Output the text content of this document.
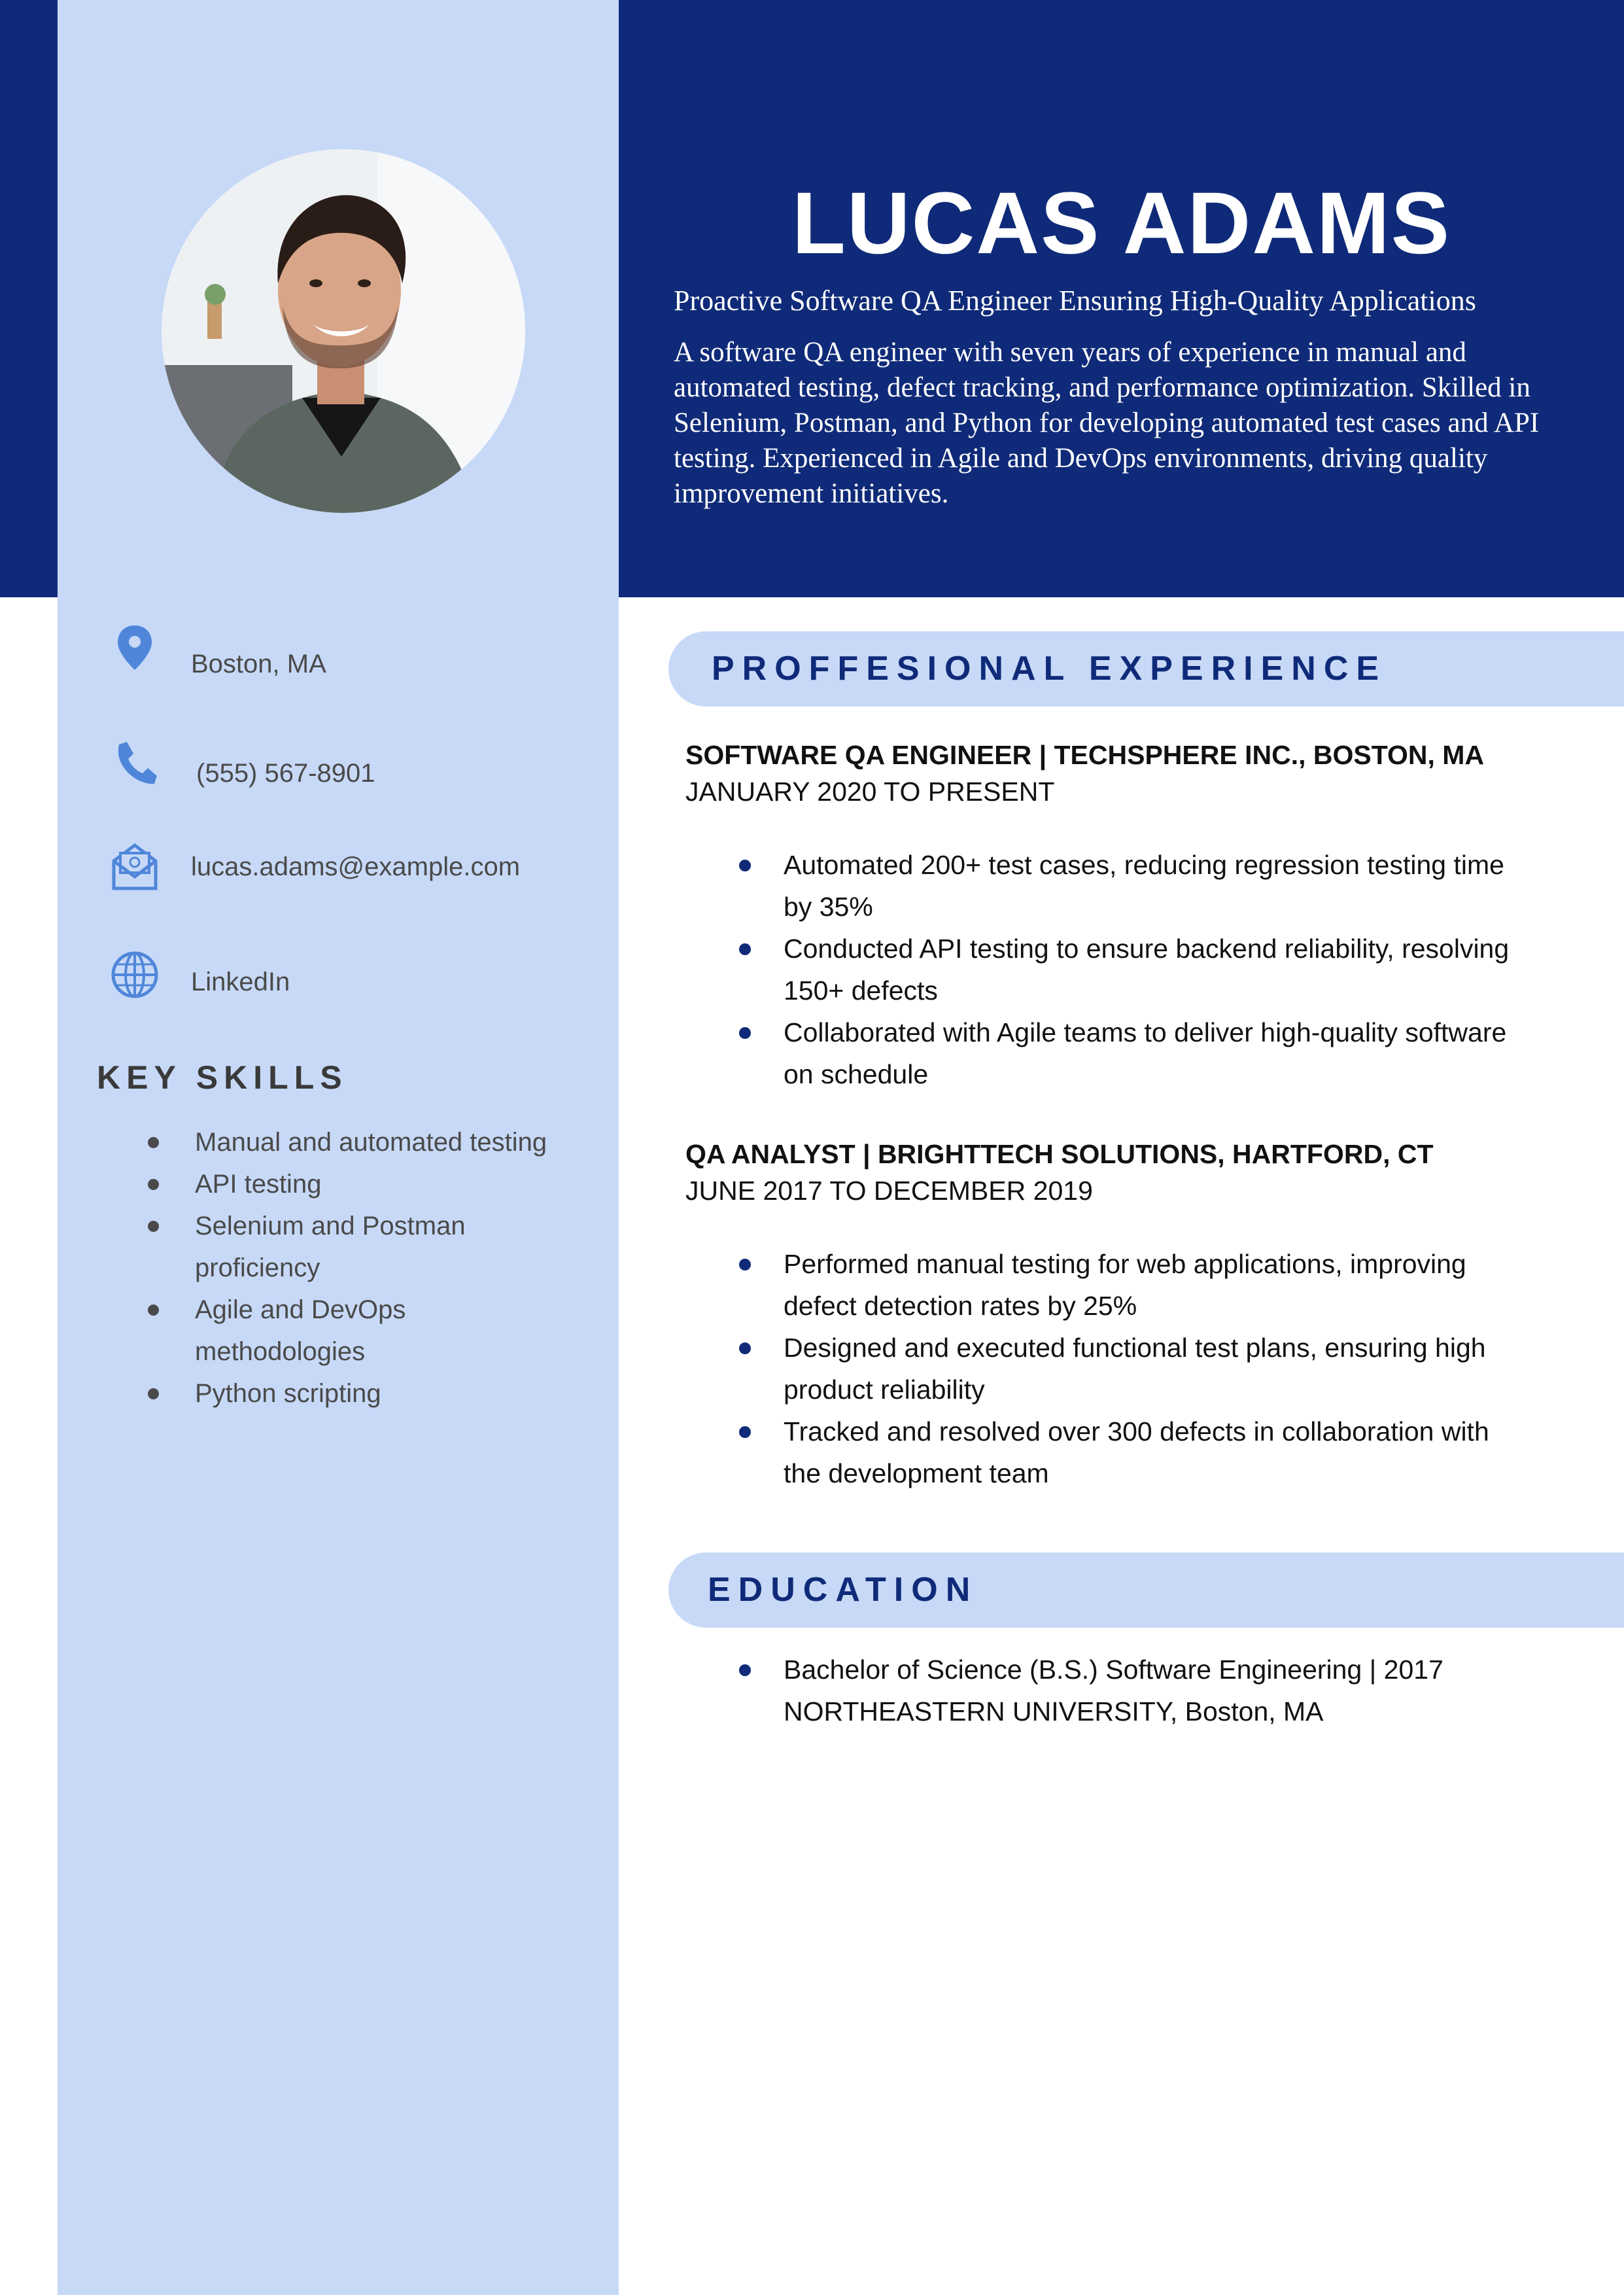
LUCAS ADAMS
Proactive Software QA Engineer Ensuring High-Quality Applications
A software QA engineer with seven years of experience in manual and automated testing, defect tracking, and performance optimization. Skilled in Selenium, Postman, and Python for developing automated test cases and API testing. Experienced in Agile and DevOps environments, driving quality improvement initiatives.
Boston, MA
(555) 567-8901
lucas.adams@example.com
LinkedIn
KEY SKILLS
Manual and automated testing
API testing
Selenium and Postman proficiency
Agile and DevOps methodologies
Python scripting
PROFFESIONAL EXPERIENCE
SOFTWARE QA ENGINEER | TECHSPHERE INC., BOSTON, MA
JANUARY 2020 TO PRESENT
Automated 200+ test cases, reducing regression testing time by 35%
Conducted API testing to ensure backend reliability, resolving 150+ defects
Collaborated with Agile teams to deliver high-quality software on schedule
QA ANALYST | BRIGHTTECH SOLUTIONS, HARTFORD, CT
JUNE 2017 TO DECEMBER 2019
Performed manual testing for web applications, improving defect detection rates by 25%
Designed and executed functional test plans, ensuring high product reliability
Tracked and resolved over 300 defects in collaboration with the development team
EDUCATION
Bachelor of Science (B.S.) Software Engineering | 2017
NORTHEASTERN UNIVERSITY, Boston, MA
